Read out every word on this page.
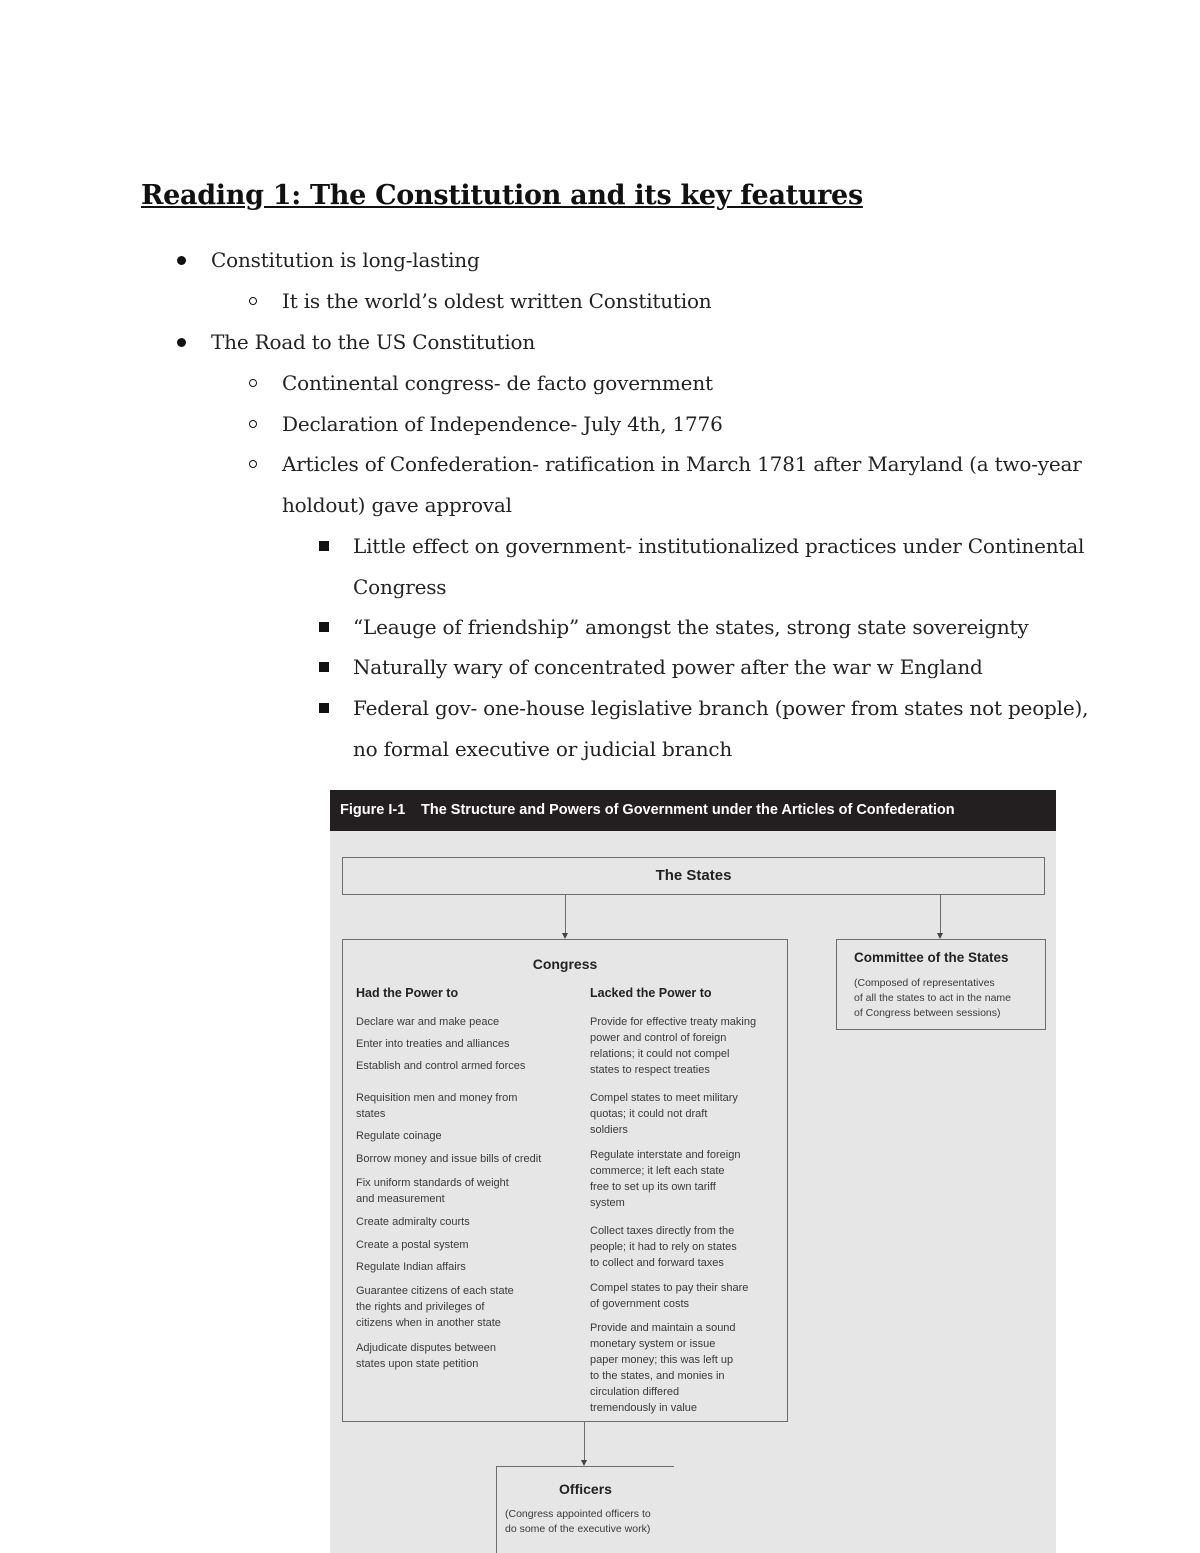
Reading 1: The Constitution and its key features
Constitution is long-lasting
It is the world’s oldest written Constitution
The Road to the US Constitution
Continental congress- de facto government
Declaration of Independence- July 4th, 1776
Articles of Confederation- ratification in March 1781 after Maryland (a two-year
holdout) gave approval
Little effect on government- institutionalized practices under Continental
Congress
“Leauge of friendship” amongst the states, strong state sovereignty
Naturally wary of concentrated power after the war w England
Federal gov- one-house legislative branch (power from states not people),
no formal executive or judicial branch
Figure I-1 The Structure and Powers of Government under the Articles of Confederation
The States
Congress
Had the Power to	Lacked the Power to
Declare war and make peace
Enter into treaties and alliances
Establish and control armed forces
Requisition men and money from
states
Regulate coinage
Borrow money and issue bills of credit
Fix uniform standards of weight
and measurement
Create admiralty courts
Create a postal system
Regulate Indian affairs
Guarantee citizens of each state
the rights and privileges of
citizens when in another state
Adjudicate disputes between
states upon state petition
Provide for effective treaty making
power and control of foreign
relations; it could not compel
states to respect treaties
Compel states to meet military
quotas; it could not draft
soldiers
Regulate interstate and foreign
commerce; it left each state
free to set up its own tariff
system
Collect taxes directly from the
people; it had to rely on states
to collect and forward taxes
Compel states to pay their share
of government costs
Provide and maintain a sound
monetary system or issue
paper money; this was left up
to the states, and monies in
circulation differed
tremendously in value
Committee of the States
(Composed of representatives
of all the states to act in the name
of Congress between sessions)
Officers
(Congress appointed officers to
do some of the executive work)
